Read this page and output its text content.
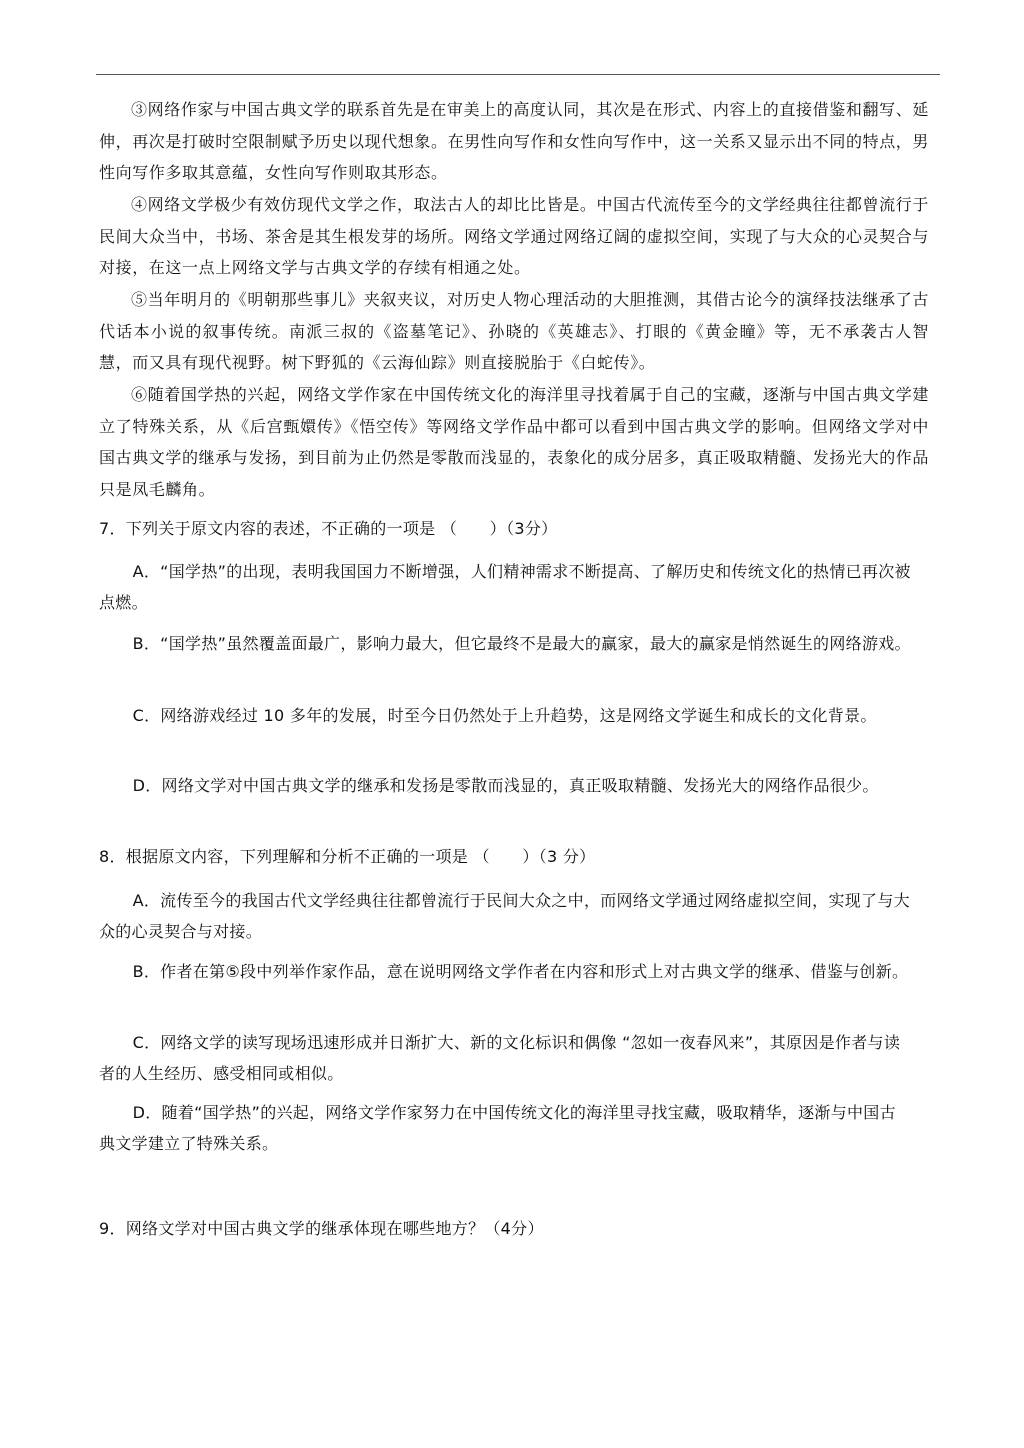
③网络作家与中国古典文学的联系首先是在审美上的高度认同，其次是在形式、内容上的直接借鉴和翻写、延伸，再次是打破时空限制赋予历史以现代想象。在男性向写作和女性向写作中，这一关系又显示出不同的特点，男性向写作多取其意蕴，女性向写作则取其形态。

④网络文学极少有效仿现代文学之作，取法古人的却比比皆是。中国古代流传至今的文学经典往往都曾流行于民间大众当中，书场、茶舍是其生根发芽的场所。网络文学通过网络辽阔的虚拟空间，实现了与大众的心灵契合与对接，在这一点上网络文学与古典文学的存续有相通之处。

⑤当年明月的《明朝那些事儿》夹叙夹议，对历史人物心理活动的大胆推测，其借古论今的演绎技法继承了古代话本小说的叙事传统。南派三叔的《盗墓笔记》、孙晓的《英雄志》、打眼的《黄金瞳》等，无不承袭古人智慧，而又具有现代视野。树下野狐的《云海仙踪》则直接脱胎于《白蛇传》。

⑥随着国学热的兴起，网络文学作家在中国传统文化的海洋里寻找着属于自己的宝藏，逐渐与中国古典文学建立了特殊关系，从《后宫甄嬛传》《悟空传》等网络文学作品中都可以看到中国古典文学的影响。但网络文学对中国古典文学的继承与发扬，到目前为止仍然是零散而浅显的，表象化的成分居多，真正吸取精髓、发扬光大的作品只是凤毛麟角。

7．下列关于原文内容的表述，不正确的一项是 （　　）（3分）

A．“国学热”的出现，表明我国国力不断增强，人们精神需求不断提高、了解历史和传统文化的热情已再次被点燃。

B．“国学热”虽然覆盖面最广，影响力最大，但它最终不是最大的赢家，最大的赢家是悄然诞生的网络游戏。

C．网络游戏经过 10 多年的发展，时至今日仍然处于上升趋势，这是网络文学诞生和成长的文化背景。

D．网络文学对中国古典文学的继承和发扬是零散而浅显的，真正吸取精髓、发扬光大的网络作品很少。

8．根据原文内容，下列理解和分析不正确的一项是 （　　）（3 分）

A．流传至今的我国古代文学经典往往都曾流行于民间大众之中，而网络文学通过网络虚拟空间，实现了与大众的心灵契合与对接。

B．作者在第⑤段中列举作家作品，意在说明网络文学作者在内容和形式上对古典文学的继承、借鉴与创新。

C．网络文学的读写现场迅速形成并日渐扩大、新的文化标识和偶像 “忽如一夜春风来”，其原因是作者与读者的人生经历、感受相同或相似。

D．随着“国学热”的兴起，网络文学作家努力在中国传统文化的海洋里寻找宝藏，吸取精华，逐渐与中国古典文学建立了特殊关系。

9．网络文学对中国古典文学的继承体现在哪些地方？（4分）
